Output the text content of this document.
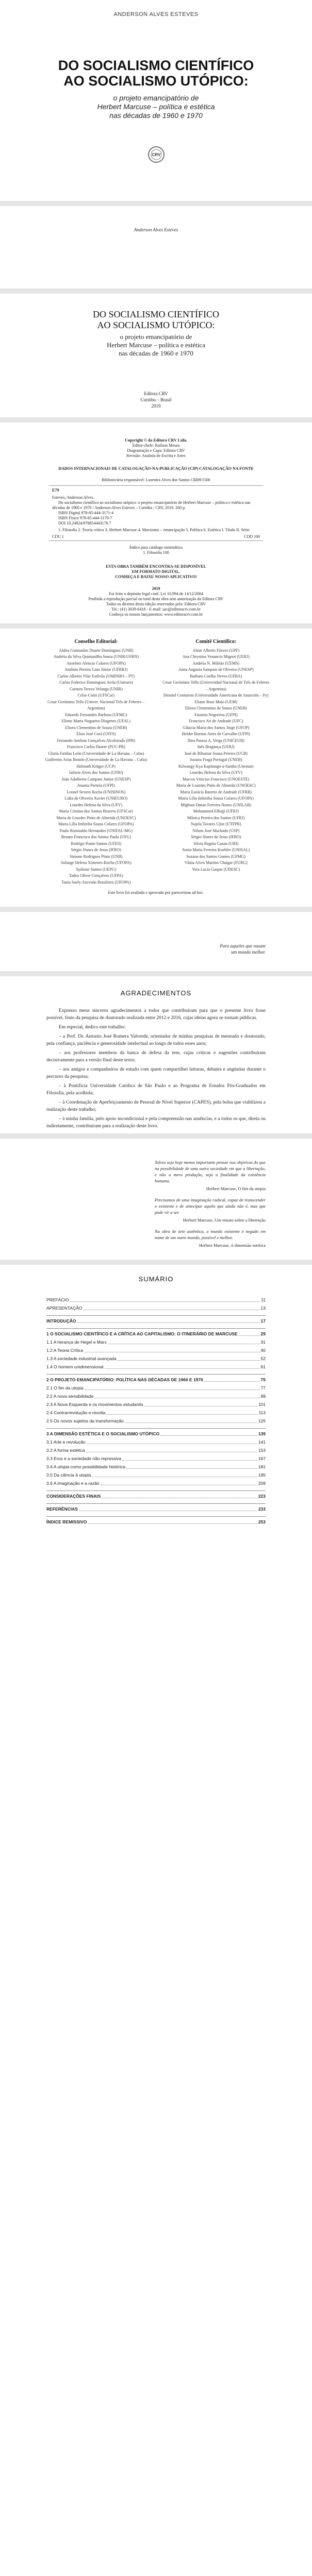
ANDERSON ALVES ESTEVES
DO SOCIALISMO CIENTÍFICO
AO SOCIALISMO UTÓPICO:
o projeto emancipatório de
Herbert Marcuse – política e estética
nas décadas de 1960 e 1970
CRV
Anderson Alves Esteves
DO SOCIALISMO CIENTÍFICO
AO SOCIALISMO UTÓPICO:
o projeto emancipatório de
Herbert Marcuse – política e estética
nas décadas de 1960 e 1970
Editora CRV
Curitiba – Brasil
2019
Copyright © da Editora CRV Ltda.
Editor-chefe: Railson Moura
Diagramação e Capa: Editora CRV
Revisão: Analista de Escrita e Artes
DADOS INTERNACIONAIS DE CATALOGAÇÃO-NA-PUBLICAÇÃO (CIP) CATALOGAÇÃO NA FONTE
Bibliotecária responsável: Luzenira Alves dos Santos CRB9/1506
E79
Esteves, Anderson Alves.
Do socialismo científico ao socialismo utópico: o projeto emancipatório de Herbert Marcuse – política e estética nas décadas de 1960 e 1970 / Anderson Alves Esteves – Curitiba : CRV, 2019. 260 p.
ISBN Digital 978-85-444-3171-4
ISBN Físico 978-85-444-3170-7
DOI 10.24824/978854443170.7
1. Filosofia 2. Teoria crítica 3. Herbert Marcuse 4. Marxismo – emancipação 5. Política 6. Estética I. Título II. Série
CDU 1	CDD 100
Índice para catálogo sistemático
1. Filosofia 100
ESTA OBRA TAMBÉM ENCONTRA-SE DISPONÍVEL
EM FORMATO DIGITAL.
CONHEÇA E BAIXE NOSSO APLICATIVO!
2019
Foi feito o depósito legal conf. Lei 10.994 de 14/12/2004
Proibida a reprodução parcial ou total desta obra sem autorização da Editora CRV
Todos os direitos desta edição reservados pela: Editora CRV
Tel.: (41) 3039-6418 - E-mail: sac@editoracrv.com.br
Conheça os nossos lançamentos: www.editoracrv.com.br
Conselho Editorial:
Aldira Guimarães Duarte Domínguez (UNB)
Andréia da Silva Quintanilha Sousa (UNIR/UFRN)
Anselmo Alencar Colares (UFOPA)
Antônio Pereira Gaio Júnior (UFRRJ)
Carlos Alberto Vilar Estêvão (UMINHO – PT)
Carlos Federico Dominguez Avila (Unieuro)
Carmen Tereza Velanga (UNIR)
Celso Conti (UFSCar)
Cesar Gerónimo Tello (Univer. Nacional Três de Febrero – Argentina)
Eduardo Fernandes Barbosa (UFMG)
Elione Maria Nogueira Diogenes (UFAL)
Elizeu Clementino de Souza (UNEB)
Élsio José Corá (UFFS)
Fernando Antônio Gonçalves Alcoforado (IPB)
Francisco Carlos Duarte (PUC-PR)
Gloria Fariñas León (Universidade de La Havana – Cuba)
Guillermo Arias Beatón (Universidade de La Havana – Cuba)
Helmuth Krüger (UCP)
Jailson Alves dos Santos (UFRJ)
João Adalberto Campato Junior (UNESP)
Josania Portela (UFPI)
Leonel Severo Rocha (UNISINOS)
Lídia de Oliveira Xavier (UNIEURO)
Lourdes Helena da Silva (UFV)
Maria Cristina dos Santos Bezerra (UFSCar)
Maria de Lourdes Pinto de Almeida (UNOESC)
Maria Lília Imbiriba Sousa Colares (UFOPA)
Paulo Romualdo Hernandes (UNIFAL-MG)
Renato Francisco dos Santos Paula (UFG)
Rodrigo Pratte-Santos (UFES)
Sérgio Nunes de Jesus (IFRO)
Simone Rodrigues Pinto (UNB)
Solange Helena Ximenes-Rocha (UFOPA)
Sydione Santos (UEPG)
Tadeu Oliver Gonçalves (UFPA)
Tania Suely Azevedo Brasileiro (UFOPA)
Comitê Científico:
Altair Alberto Fávero (UPF)
Ana Chrystina Venancio Mignot (UERJ)
Andréia N. Militão (UEMS)
Anna Augusta Sampaio de Oliveira (UNESP)
Barbara Coelho Neves (UFBA)
Cesar Gerónimo Tello (Universidad Nacional de Três de Febrero – Argentina)
Diosnel Centurion (Universidade Americana de Asunción – Py)
Eliane Rose Maio (UEM)
Elizeu Clementino de Souza (UNEB)
Fauston Negreiros (UFPI)
Francisco Ari de Andrade (UFC)
Gláucia Maria dos Santos Jorge (UFOP)
Helder Buenos Aires de Carvalho (UFPI)
Ilma Passos A. Veiga (UNICEUB)
Inês Bragança (UERJ)
José de Ribamar Sousa Pereira (UCB)
Jussara Fraga Portugal (UNEB)
Kilwangy Kya Kapitango-a-Samba (Unemat)
Lourdes Helena da Silva (UFV)
Marcos Vinicius Francisco (UNOESTE)
Maria de Lourdes Pinto de Almeida (UNOESC)
Maria Eurácia Barreto de Andrade (UFRB)
Maria Lília Imbiriba Sousa Colares (UFOPA)
Míghian Danae Ferreira Nunes (UNILAB)
Mohammed Elhajji (UFRJ)
Mônica Pereira dos Santos (UFRJ)
Najela Tavares Ujiie (UTFPR)
Nilson José Machado (USP)
Sérgio Nunes de Jesus (IFRO)
Silvia Regina Canan (URI)
Sonia Maria Ferreira Koehler (UNISAL)
Suzana dos Santos Gomes (UFMG)
Vânia Alves Martins Chaigar (FURG)
Vera Lucia Gaspar (UDESC)
Este livro foi avaliado e aprovado por pareceristas ad hoc.
Para aqueles que ousam
um mundo melhor.
AGRADECIMENTOS

Expresso meus sinceros agradecimentos a todos que contribuíram para que o presente livro fosse possível, fruto da pesquisa de doutorado realizada entre 2012 e 2016, cujas ideias agora se tornam públicas.

Em especial, dedico este trabalho:

– a Prof. Dr. Antonio José Romera Valverde, orientador de minhas pesquisas de mestrado e doutorado, pela confiança, paciência e generosidade intelectual ao longo de todos esses anos;

– aos professores membros da banca de defesa da tese, cujas críticas e sugestões contribuíram decisivamente para a versão final deste texto;

– aos amigos e companheiros de estudo com quem compartilhei leituras, debates e angústias durante o percurso da pesquisa;

– à Pontifícia Universidade Católica de São Paulo e ao Programa de Estudos Pós-Graduados em Filosofia, pela acolhida;

– à Coordenação de Aperfeiçoamento de Pessoal de Nível Superior (CAPES), pela bolsa que viabilizou a realização deste trabalho;

– à minha família, pelo apoio incondicional e pela compreensão nas ausências, e a todos os que, direta ou indiretamente, contribuíram para a realização deste livro.

Talvez seja hoje menos importante pensar nos objetivos do que na possibilidade de uma outra sociedade em que a libertação, e não a mera produção, seja a finalidade da existência humana.
Herbert Marcuse, O fim da utopia
Precisamos de uma imaginação radical, capaz de transcender o existente e de antecipar aquilo que ainda não é, mas que pode vir a ser.
Herbert Marcuse, Um ensaio sobre a libertação
Na obra de arte autêntica, o mundo existente é negado em nome de um outro mundo, possível e melhor.
Herbert Marcuse, A dimensão estética
SUMÁRIO
PREFÁCIO	11
APRESENTAÇÃO	13
INTRODUÇÃO	17
1 O SOCIALISMO CIENTÍFICO E A CRÍTICA AO CAPITALISMO: O ITINERÁRIO DE MARCUSE	29
1.1 A herança de Hegel e Marx	31
1.2 A Teoria Crítica	40
1.3 A sociedade industrial avançada	52
1.4 O homem unidimensional	61
2 O PROJETO EMANCIPATÓRIO: POLÍTICA NAS DÉCADAS DE 1960 E 1970	75
2.1 O fim da utopia	77
2.2 A nova sensibilidade	89
2.3 A Nova Esquerda e os movimentos estudantis	101
2.4 Contrarrevolução e revolta	113
2.5 Os novos sujeitos da transformação	125
3 A DIMENSÃO ESTÉTICA E O SOCIALISMO UTÓPICO	139
3.1 Arte e revolução	141
3.2 A forma estética	153
3.3 Eros e a sociedade não repressiva	167
3.4 A utopia como possibilidade histórica	181
3.5 Da ciência à utopia	195
3.6 A imaginação e a razão	209
CONSIDERAÇÕES FINAIS	223
REFERÊNCIAS	233
ÍNDICE REMISSIVO	253
